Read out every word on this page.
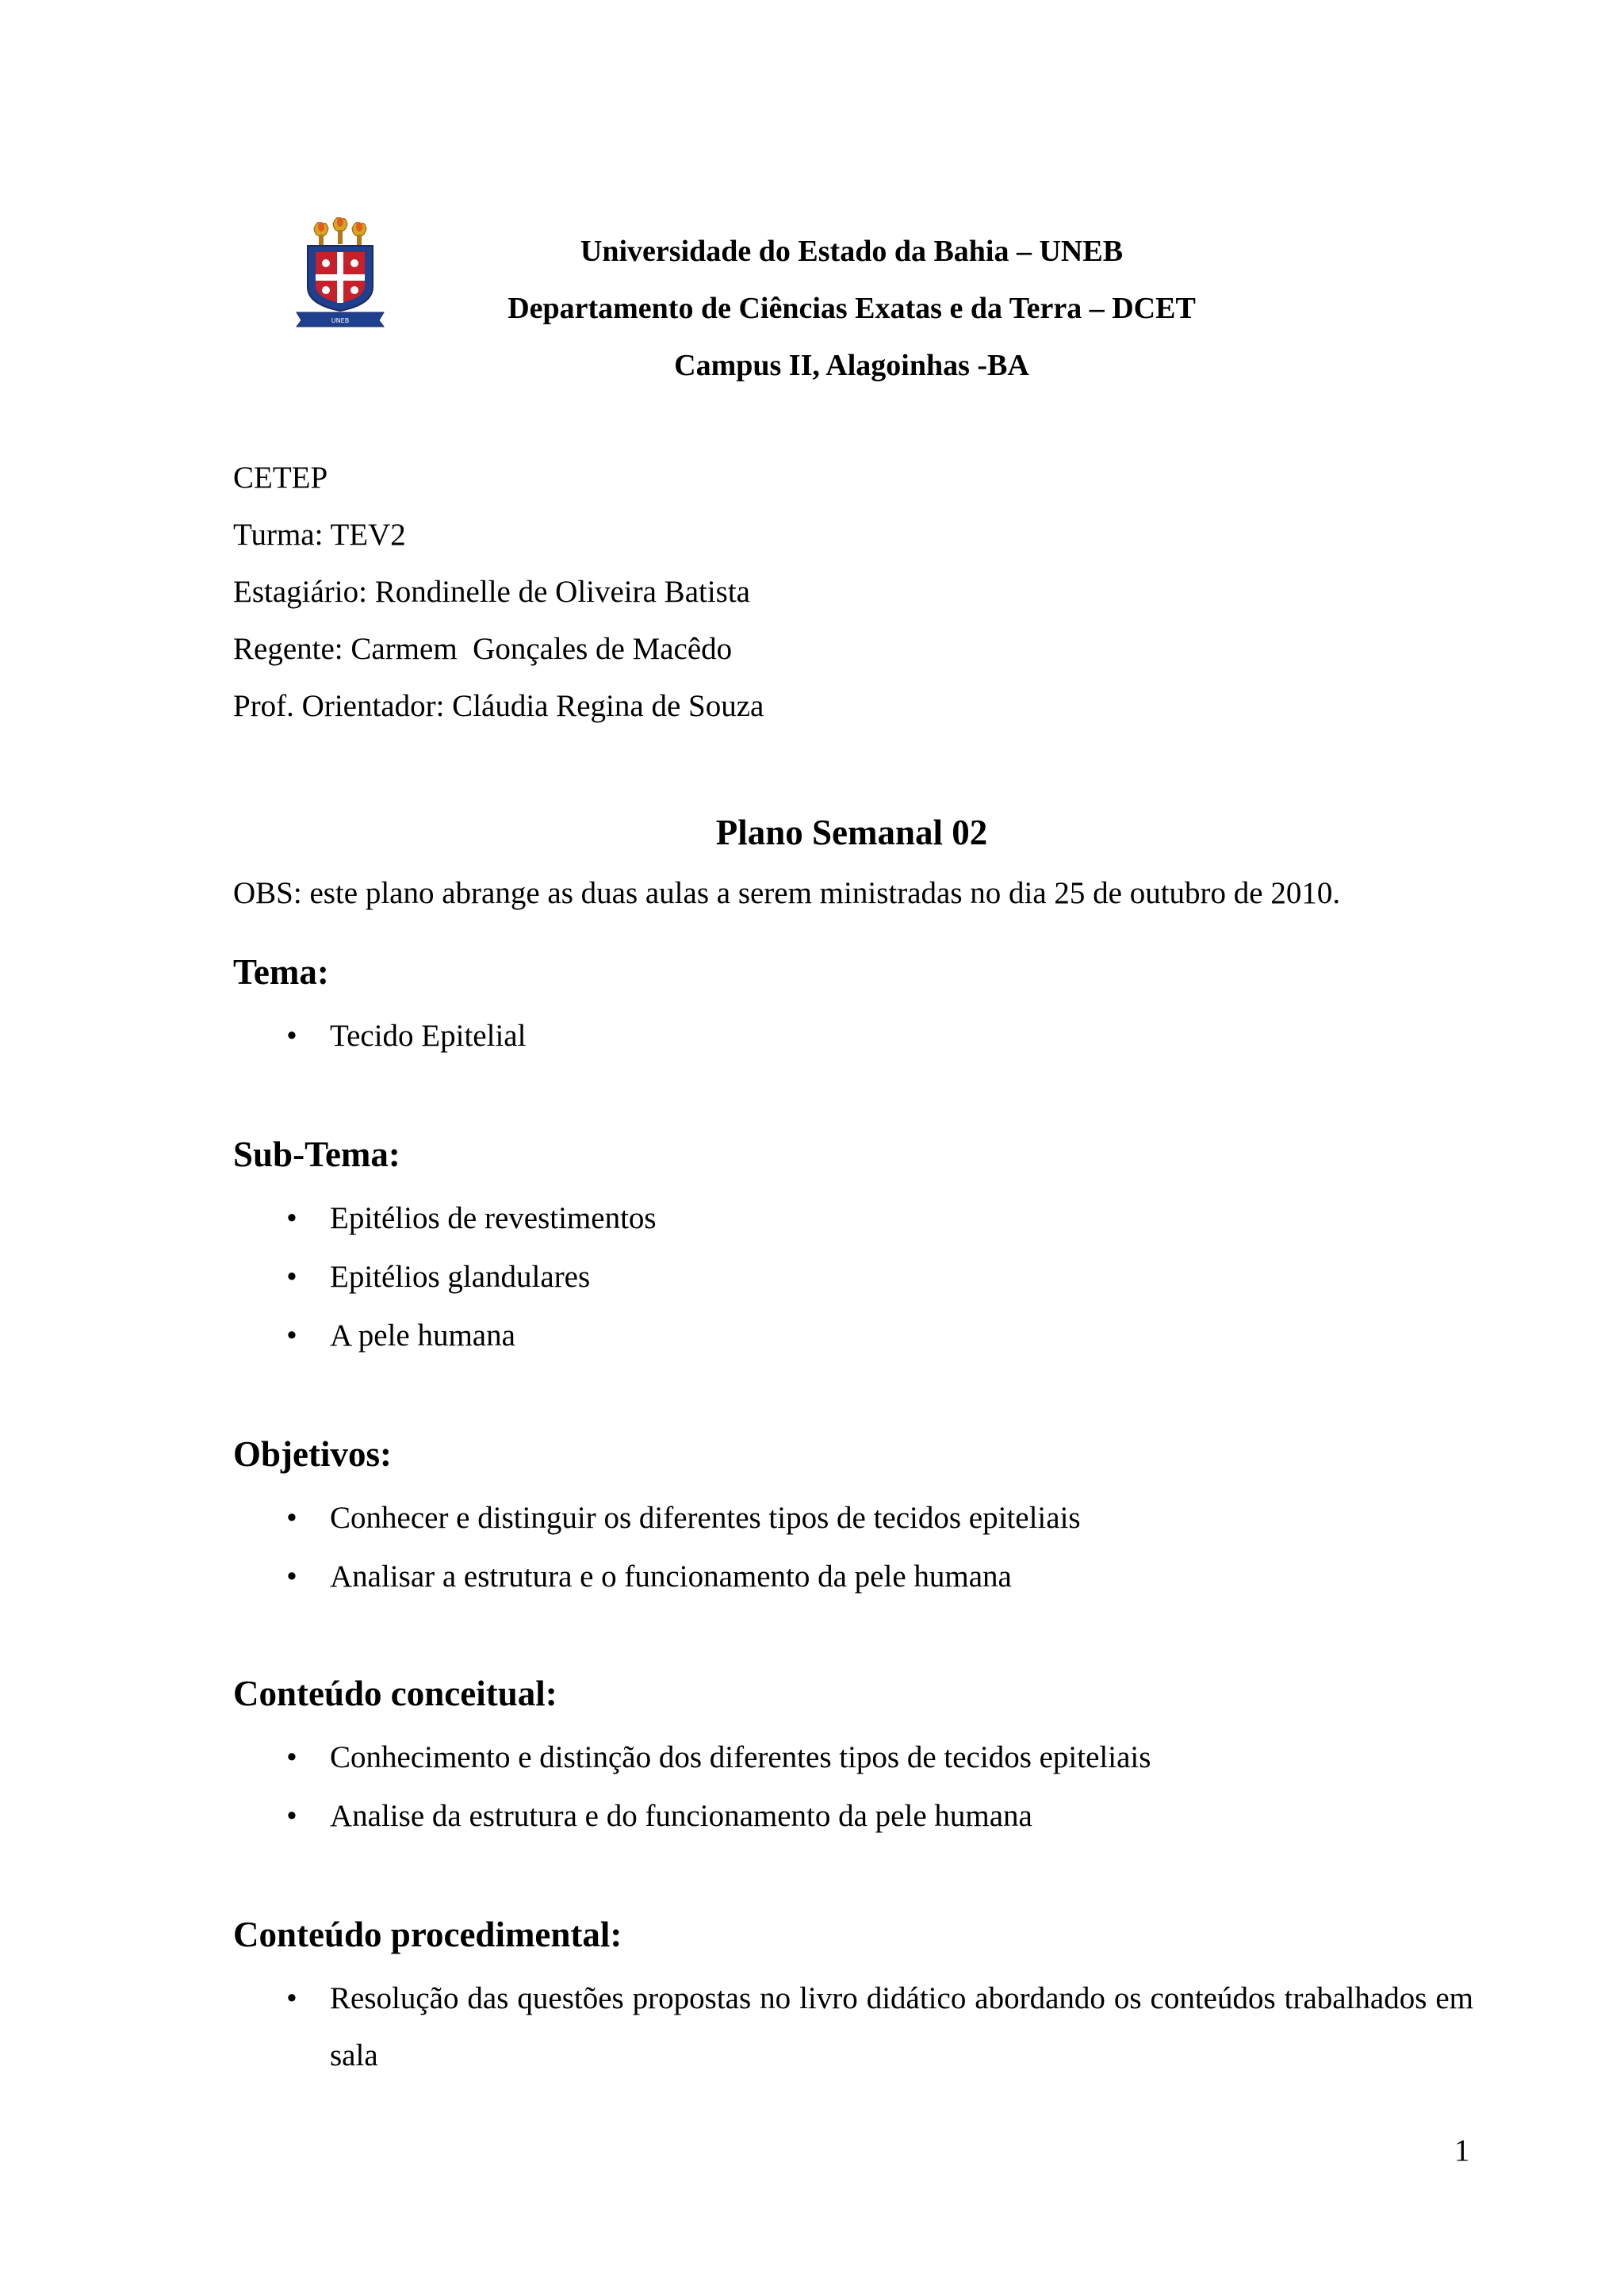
UNEB
Universidade do Estado da Bahia – UNEB
Departamento de Ciências Exatas e da Terra – DCET
Campus II, Alagoinhas -BA
CETEP
Turma: TEV2
Estagiário: Rondinelle de Oliveira Batista
Regente: Carmem  Gonçales de Macêdo
Prof. Orientador: Cláudia Regina de Souza
Plano Semanal 02
OBS: este plano abrange as duas aulas a serem ministradas no dia 25 de outubro de 2010.
Tema:
• Tecido Epitelial
Sub-Tema:
• Epitélios de revestimentos
• Epitélios glandulares
• A pele humana
Objetivos:
• Conhecer e distinguir os diferentes tipos de tecidos epiteliais
• Analisar a estrutura e o funcionamento da pele humana
Conteúdo conceitual:
• Conhecimento e distinção dos diferentes tipos de tecidos epiteliais
• Analise da estrutura e do funcionamento da pele humana
Conteúdo procedimental:
• Resolução das questões propostas no livro didático abordando os conteúdos trabalhados em sala
1
